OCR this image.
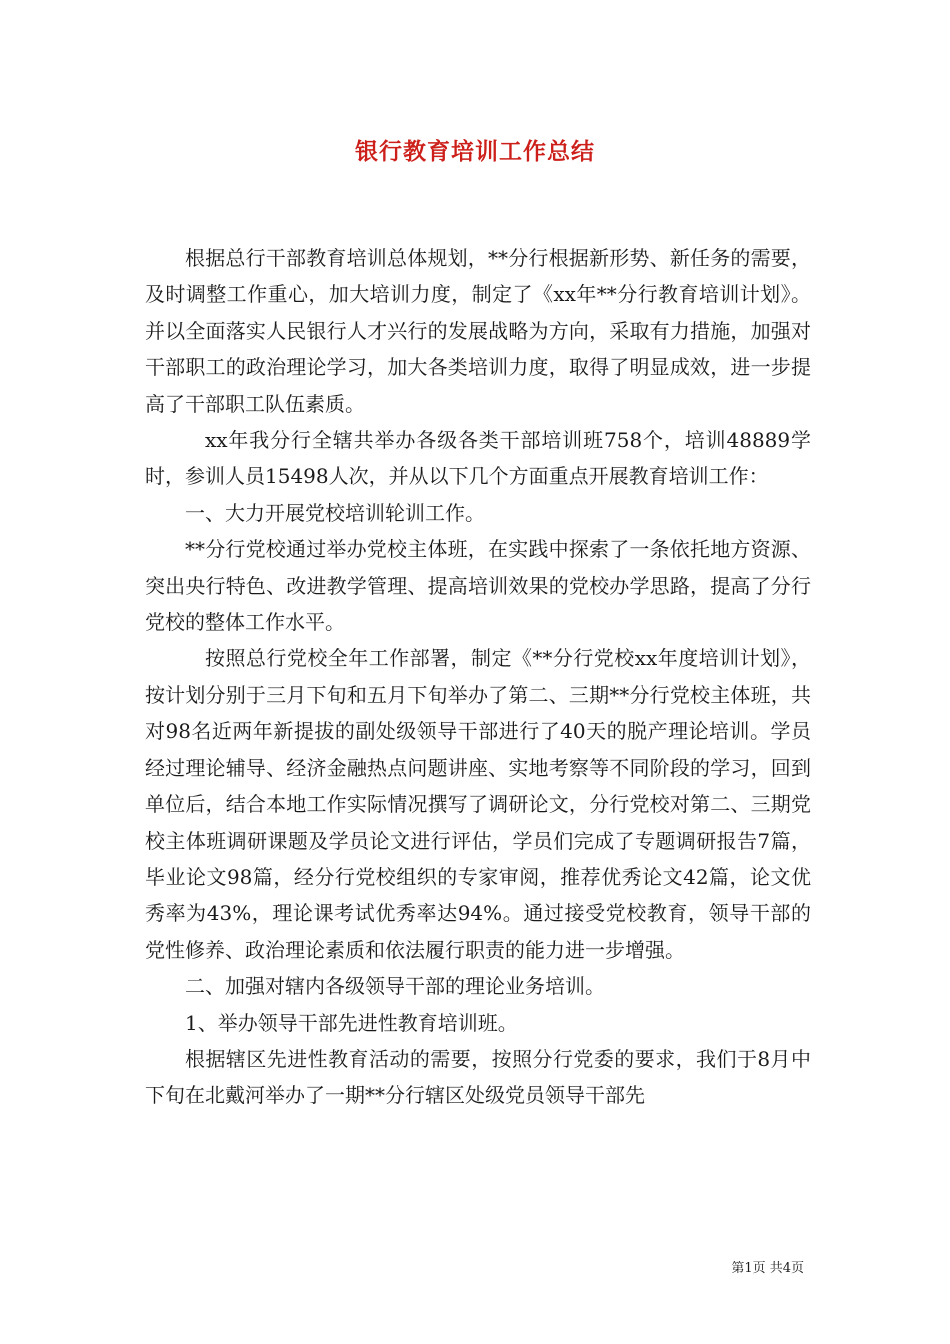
银行教育培训工作总结

根据总行干部教育培训总体规划，**分行根据新形势、新任务的需要，及时调整工作重心，加大培训力度，制定了《xx年**分行教育培训计划》。并以全面落实人民银行人才兴行的发展战略为方向，采取有力措施，加强对干部职工的政治理论学习，加大各类培训力度，取得了明显成效，进一步提高了干部职工队伍素质。

xx年我分行全辖共举办各级各类干部培训班758个，培训48889学时，参训人员15498人次，并从以下几个方面重点开展教育培训工作：

一、大力开展党校培训轮训工作。

**分行党校通过举办党校主体班，在实践中探索了一条依托地方资源、突出央行特色、改进教学管理、提高培训效果的党校办学思路，提高了分行党校的整体工作水平。

按照总行党校全年工作部署，制定《**分行党校xx年度培训计划》，按计划分别于三月下旬和五月下旬举办了第二、三期**分行党校主体班，共对98名近两年新提拔的副处级领导干部进行了40天的脱产理论培训。学员经过理论辅导、经济金融热点问题讲座、实地考察等不同阶段的学习，回到单位后，结合本地工作实际情况撰写了调研论文，分行党校对第二、三期党校主体班调研课题及学员论文进行评估，学员们完成了专题调研报告7篇，毕业论文98篇，经分行党校组织的专家审阅，推荐优秀论文42篇，论文优秀率为43%，理论课考试优秀率达94%。通过接受党校教育，领导干部的党性修养、政治理论素质和依法履行职责的能力进一步增强。

二、加强对辖内各级领导干部的理论业务培训。

1、举办领导干部先进性教育培训班。

根据辖区先进性教育活动的需要，按照分行党委的要求，我们于8月中下旬在北戴河举办了一期**分行辖区处级党员领导干部先

第1页 共4页
